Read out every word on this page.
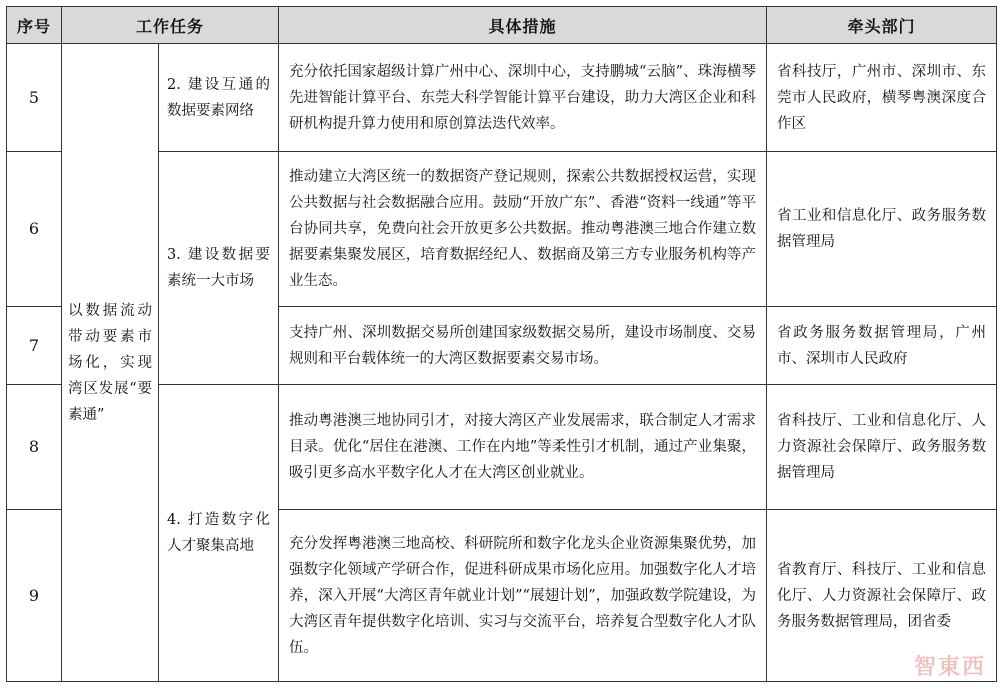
序号	工作任务		具体措施	牵头部门
5	以数据流动带动要素市场化，实现湾区发展“要素通”	2. 建设互通的数据要素网络	充分依托国家超级计算广州中心、深圳中心，支持鹏城“云脑”、珠海横琴先进智能计算平台、东莞大科学智能计算平台建设，助力大湾区企业和科研机构提升算力使用和原创算法迭代效率。	省科技厅，广州市、深圳市、东莞市人民政府，横琴粤澳深度合作区
6		3. 建设数据要素统一大市场	推动建立大湾区统一的数据资产登记规则，探索公共数据授权运营，实现公共数据与社会数据融合应用。鼓励“开放广东”、香港“资料一线通”等平台协同共享，免费向社会开放更多公共数据。推动粤港澳三地合作建立数据要素集聚发展区，培育数据经纪人、数据商及第三方专业服务机构等产业生态。	省工业和信息化厅、政务服务数据管理局
7			支持广州、深圳数据交易所创建国家级数据交易所，建设市场制度、交易规则和平台载体统一的大湾区数据要素交易市场。	省政务服务数据管理局，广州市、深圳市人民政府
8		4. 打造数字化人才聚集高地	推动粤港澳三地协同引才，对接大湾区产业发展需求，联合制定人才需求目录。优化“居住在港澳、工作在内地”等柔性引才机制，通过产业集聚，吸引更多高水平数字化人才在大湾区创业就业。	省科技厅、工业和信息化厅、人力资源社会保障厅、政务服务数据管理局
9			充分发挥粤港澳三地高校、科研院所和数字化龙头企业资源集聚优势，加强数字化领域产学研合作，促进科研成果市场化应用。加强数字化人才培养，深入开展“大湾区青年就业计划”“展翅计划”，加强政数学院建设，为大湾区青年提供数字化培训、实习与交流平台，培养复合型数字化人才队伍。	省教育厅、科技厅、工业和信息化厅、人力资源社会保障厅、政务服务数据管理局，团省委
智東西
